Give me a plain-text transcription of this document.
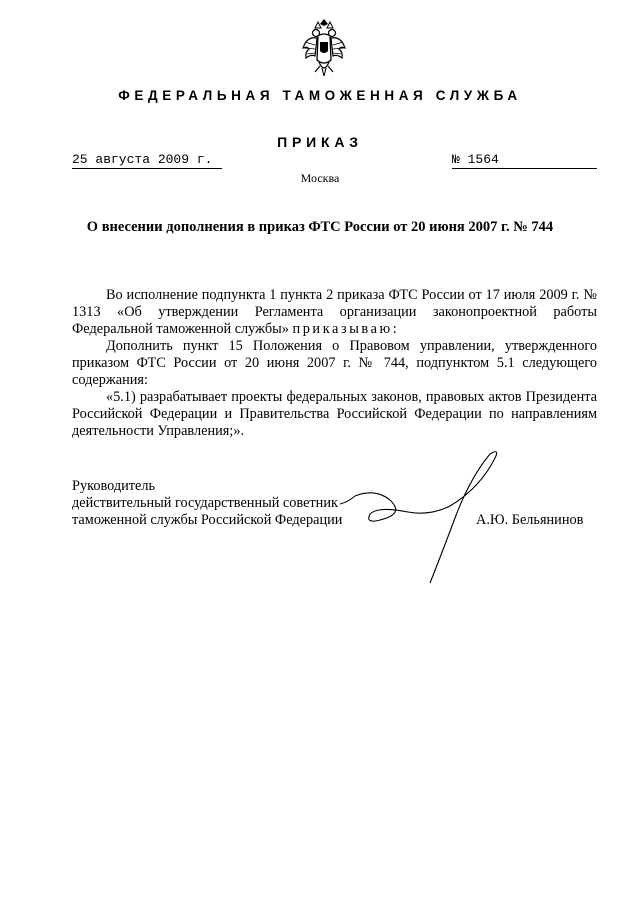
ФЕДЕРАЛЬНАЯ ТАМОЖЕННАЯ СЛУЖБА
ПРИКАЗ
25 августа 2009 г.	№ 1564
Москва
О внесении дополнения в приказ ФТС России от 20 июня 2007 г. № 744

Во исполнение подпункта 1 пункта 2 приказа ФТС России от 17 июля 2009 г. № 1313 «Об утверждении Регламента организации законопроектной работы Федеральной таможенной службы» приказываю:

Дополнить пункт 15 Положения о Правовом управлении, утвержденного приказом ФТС России от 20 июня 2007 г. № 744, подпунктом 5.1 следующего содержания:

«5.1) разрабатывает проекты федеральных законов, правовых актов Президента Российской Федерации и Правительства Российской Федерации по направлениям деятельности Управления;».

Руководитель
действительный государственный советник
таможенной службы Российской Федерации	А.Ю. Бельянинов
